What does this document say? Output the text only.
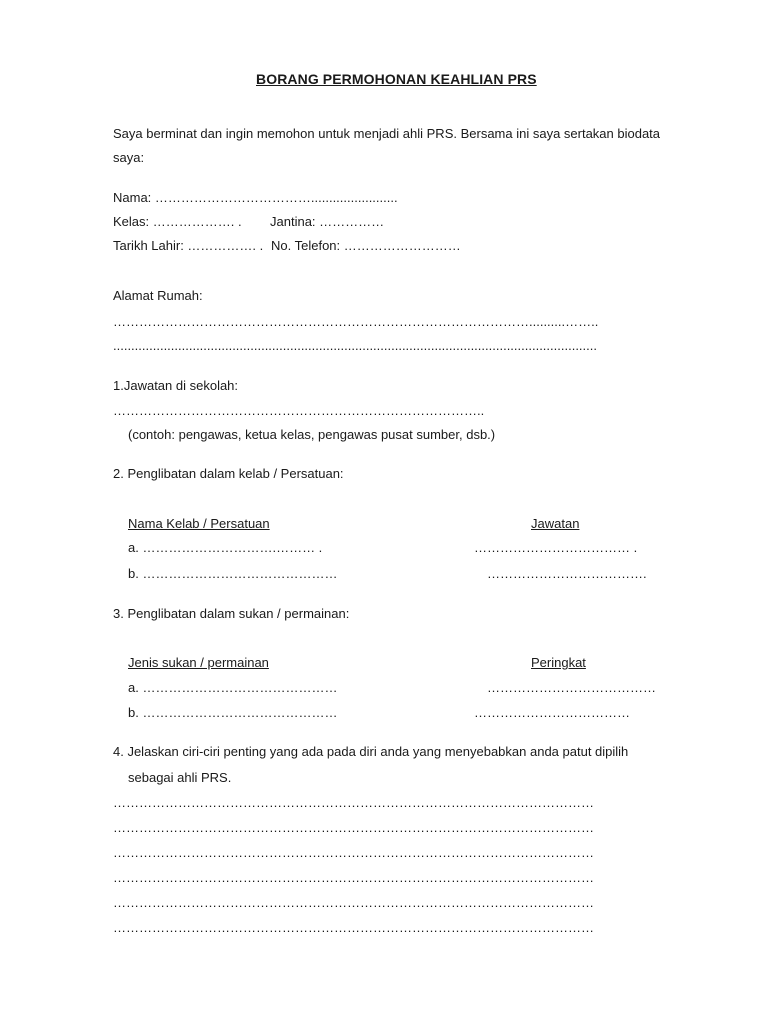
BORANG PERMOHONAN KEAHLIAN PRS
Saya berminat dan ingin memohon untuk menjadi ahli PRS. Bersama ini saya sertakan biodata
saya:
Nama: ………………………………........................
Kelas: ………………. . Jantina: ……………
Tarikh Lahir: ……………. . No. Telefon: ………………………
Alamat Rumah:
……………………………………………………………………………………..........……..
......................................................................................................................................
1.Jawatan di sekolah:
…………………………………………………………………………..
(contoh: pengawas, ketua kelas, pengawas pusat sumber, dsb.)
2. Penglibatan dalam kelab / Persatuan:
Nama Kelab / Persatuan	Jawatan
a. ………………………….……… .	……………………………… .
b. ………………………………………	……………………………….
3. Penglibatan dalam sukan / permainan:
Jenis sukan / permainan	Peringkat
a. ………………………………………	…………………………………
b. ………………………………………	………………………………
4. Jelaskan ciri-ciri penting yang ada pada diri anda yang menyebabkan anda patut dipilih
sebagai ahli PRS.
…………………………………………………………………………………………………
…………………………………………………………………………………………………
…………………………………………………………………………………………………
…………………………………………………………………………………………………
…………………………………………………………………………………………………
…………………………………………………………………………………………………
